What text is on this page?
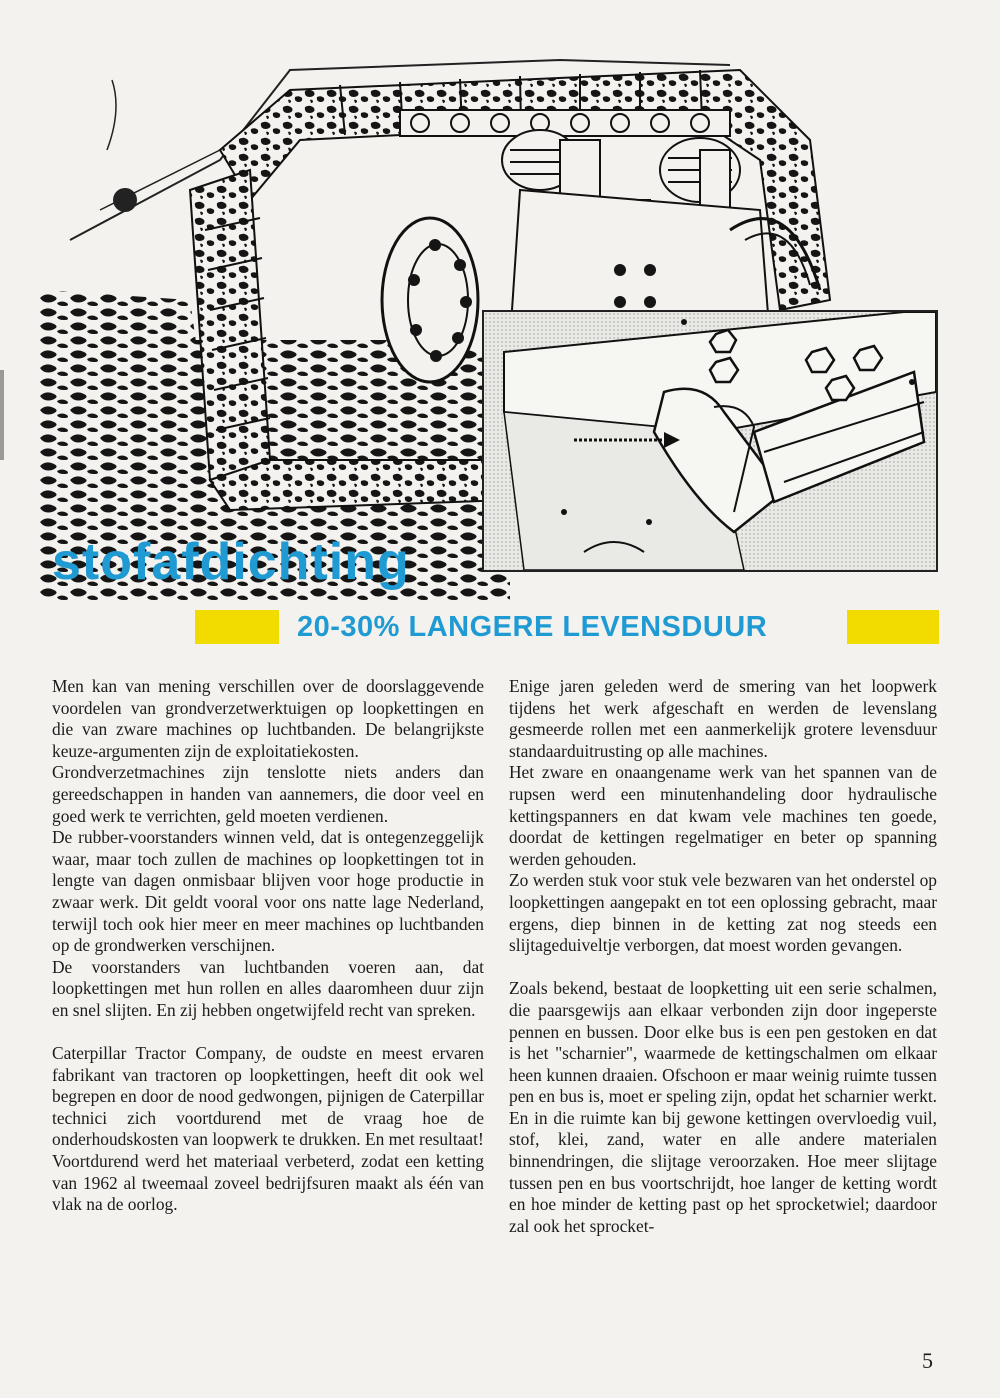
stofafdichting
20-30% LANGERE LEVENSDUUR

Men kan van mening verschillen over de doorslaggevende voordelen van grondverzetwerktuigen op loopkettingen en die van zware machines op luchtbanden. De belangrijkste keuze-argumenten zijn de exploitatiekosten.

Grondverzetmachines zijn tenslotte niets anders dan gereedschappen in handen van aannemers, die door veel en goed werk te verrichten, geld moeten verdienen.

De rubber-voorstanders winnen veld, dat is ontegenzeggelijk waar, maar toch zullen de machines op loopkettingen tot in lengte van dagen onmisbaar blijven voor hoge productie in zwaar werk. Dit geldt vooral voor ons natte lage Nederland, terwijl toch ook hier meer en meer machines op luchtbanden op de grondwerken verschijnen.

De voorstanders van luchtbanden voeren aan, dat loopkettingen met hun rollen en alles daaromheen duur zijn en snel slijten. En zij hebben ongetwijfeld recht van spreken.

Caterpillar Tractor Company, de oudste en meest ervaren fabrikant van tractoren op loopkettingen, heeft dit ook wel begrepen en door de nood gedwongen, pijnigen de Caterpillar technici zich voortdurend met de vraag hoe de onderhoudskosten van loopwerk te drukken. En met resultaat!

Voortdurend werd het materiaal verbeterd, zodat een ketting van 1962 al tweemaal zoveel bedrijfsuren maakt als één van vlak na de oorlog.

Enige jaren geleden werd de smering van het loopwerk tijdens het werk afgeschaft en werden de levenslang gesmeerde rollen met een aanmerkelijk grotere levensduur standaarduitrusting op alle machines.

Het zware en onaangename werk van het spannen van de rupsen werd een minutenhandeling door hydraulische kettingspanners en dat kwam vele machines ten goede, doordat de kettingen regelmatiger en beter op spanning werden gehouden.

Zo werden stuk voor stuk vele bezwaren van het onderstel op loopkettingen aangepakt en tot een oplossing gebracht, maar ergens, diep binnen in de ketting zat nog steeds een slijtageduiveltje verborgen, dat moest worden gevangen.

Zoals bekend, bestaat de loopketting uit een serie schalmen, die paarsgewijs aan elkaar verbonden zijn door ingeperste pennen en bussen. Door elke bus is een pen gestoken en dat is het "scharnier", waarmede de kettingschalmen om elkaar heen kunnen draaien. Ofschoon er maar weinig ruimte tussen pen en bus is, moet er speling zijn, opdat het scharnier werkt. En in die ruimte kan bij gewone kettingen overvloedig vuil, stof, klei, zand, water en alle andere materialen binnendringen, die slijtage veroorzaken. Hoe meer slijtage tussen pen en bus voortschrijdt, hoe langer de ketting wordt en hoe minder de ketting past op het sprocketwiel; daardoor zal ook het sprocket-

5
